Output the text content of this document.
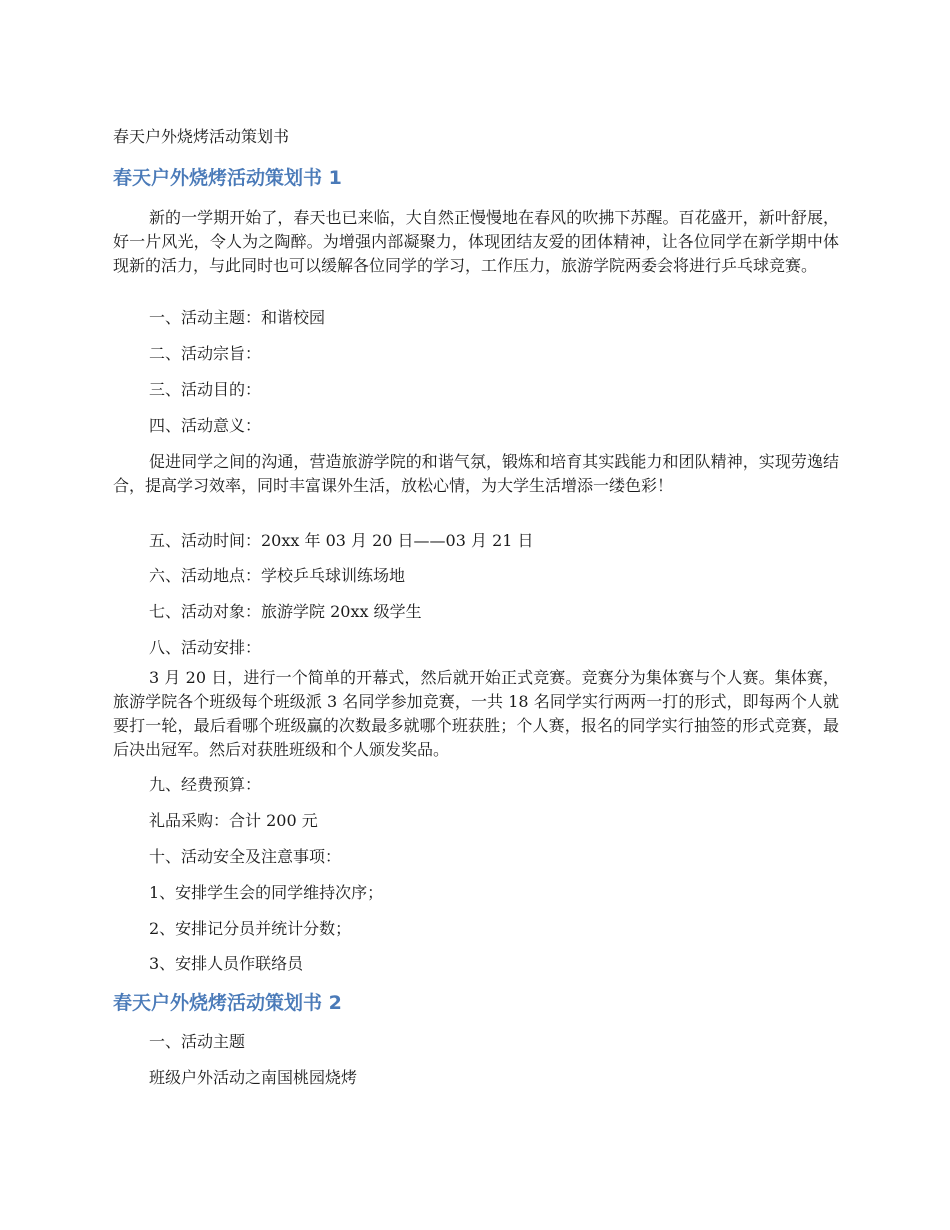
春天户外烧烤活动策划书
春天户外烧烤活动策划书 1

新的一学期开始了，春天也已来临，大自然正慢慢地在春风的吹拂下苏醒。百花盛开，新叶舒展，好一片风光，令人为之陶醉。为增强内部凝聚力，体现团结友爱的团体精神，让各位同学在新学期中体现新的活力，与此同时也可以缓解各位同学的学习，工作压力，旅游学院两委会将进行乒乓球竞赛。

一、活动主题：和谐校园

二、活动宗旨：

三、活动目的：

四、活动意义：

促进同学之间的沟通，营造旅游学院的和谐气氛，锻炼和培育其实践能力和团队精神，实现劳逸结合，提高学习效率，同时丰富课外生活，放松心情，为大学生活增添一缕色彩！

五、活动时间：20xx 年 03 月 20 日——03 月 21 日

六、活动地点：学校乒乓球训练场地

七、活动对象：旅游学院 20xx 级学生

八、活动安排：

3 月 20 日，进行一个简单的开幕式，然后就开始正式竞赛。竞赛分为集体赛与个人赛。集体赛，旅游学院各个班级每个班级派 3 名同学参加竞赛，一共 18 名同学实行两两一打的形式，即每两个人就要打一轮，最后看哪个班级赢的次数最多就哪个班获胜；个人赛，报名的同学实行抽签的形式竞赛，最后决出冠军。然后对获胜班级和个人颁发奖品。

九、经费预算：

礼品采购：合计 200 元

十、活动安全及注意事项：

1、安排学生会的同学维持次序；

2、安排记分员并统计分数；

3、安排人员作联络员

春天户外烧烤活动策划书 2

一、活动主题

班级户外活动之南国桃园烧烤
